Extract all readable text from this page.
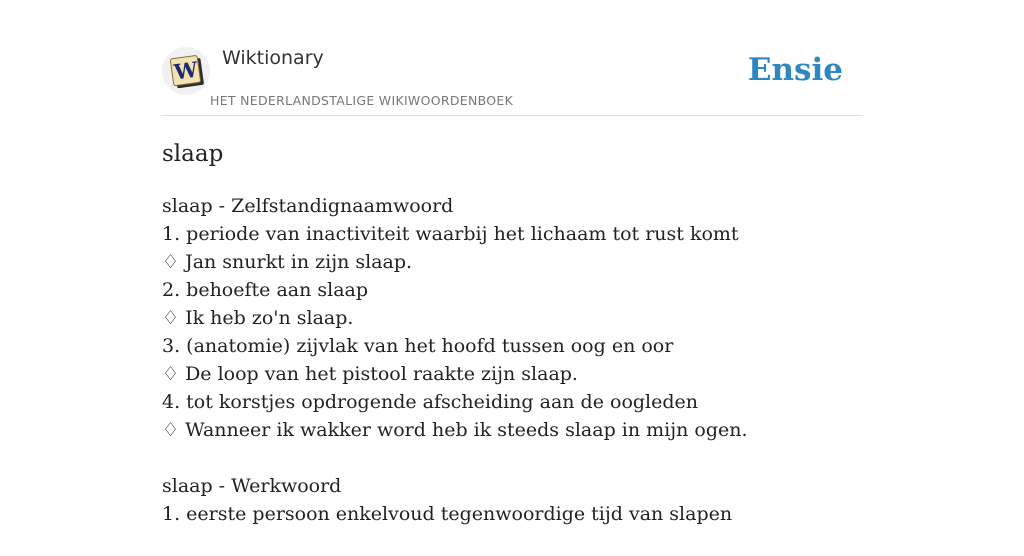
W Wiktionary
HET NEDERLANDSTALIGE WIKIWOORDENBOEK
Ensie
slaap
slaap - Zelfstandignaamwoord
1. periode van inactiviteit waarbij het lichaam tot rust komt
♢ Jan snurkt in zijn slaap.
2. behoefte aan slaap
♢ Ik heb zo'n slaap.
3. (anatomie) zijvlak van het hoofd tussen oog en oor
♢ De loop van het pistool raakte zijn slaap.
4. tot korstjes opdrogende afscheiding aan de oogleden
♢ Wanneer ik wakker word heb ik steeds slaap in mijn ogen.
slaap - Werkwoord
1. eerste persoon enkelvoud tegenwoordige tijd van slapen
